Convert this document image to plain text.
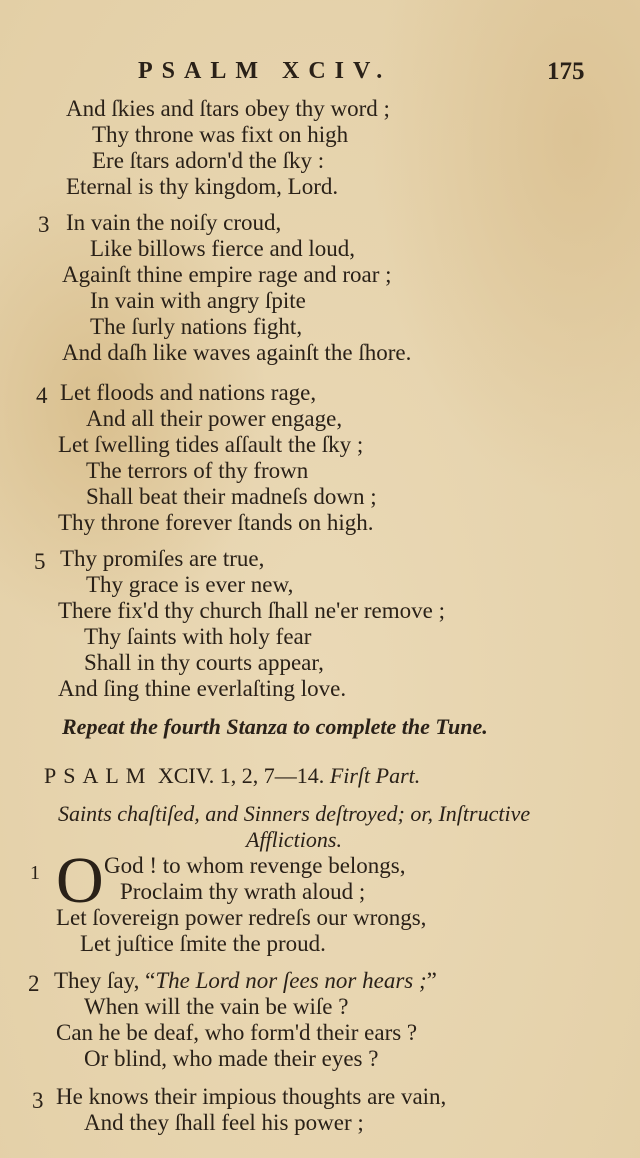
PSALM XCIV.	175
And ſkies and ſtars obey thy word ;
Thy throne was fixt on high
Ere ſtars adorn'd the ſky :
Eternal is thy kingdom, Lord.
3 In vain the noiſy croud,
Like billows fierce and loud,
Againſt thine empire rage and roar ;
In vain with angry ſpite
The ſurly nations fight,
And daſh like waves againſt the ſhore.
4 Let floods and nations rage,
And all their power engage,
Let ſwelling tides aſſault the ſky ;
The terrors of thy frown
Shall beat their madneſs down ;
Thy throne forever ſtands on high.
5 Thy promiſes are true,
Thy grace is ever new,
There fix'd thy church ſhall ne'er remove ;
Thy ſaints with holy fear
Shall in thy courts appear,
And ſing thine everlaſting love.
Repeat the fourth Stanza to complete the Tune.
PSALM XCIV. 1, 2, 7—14. Firſt Part.
Saints chaſtiſed, and Sinners deſtroyed; or, Inſtructive
Afflictions.
1 O God ! to whom revenge belongs,
Proclaim thy wrath aloud ;
Let ſovereign power redreſs our wrongs,
Let juſtice ſmite the proud.
2 They ſay, “The Lord nor ſees nor hears ;”
When will the vain be wiſe ?
Can he be deaf, who form'd their ears ?
Or blind, who made their eyes ?
3 He knows their impious thoughts are vain,
And they ſhall feel his power ;
